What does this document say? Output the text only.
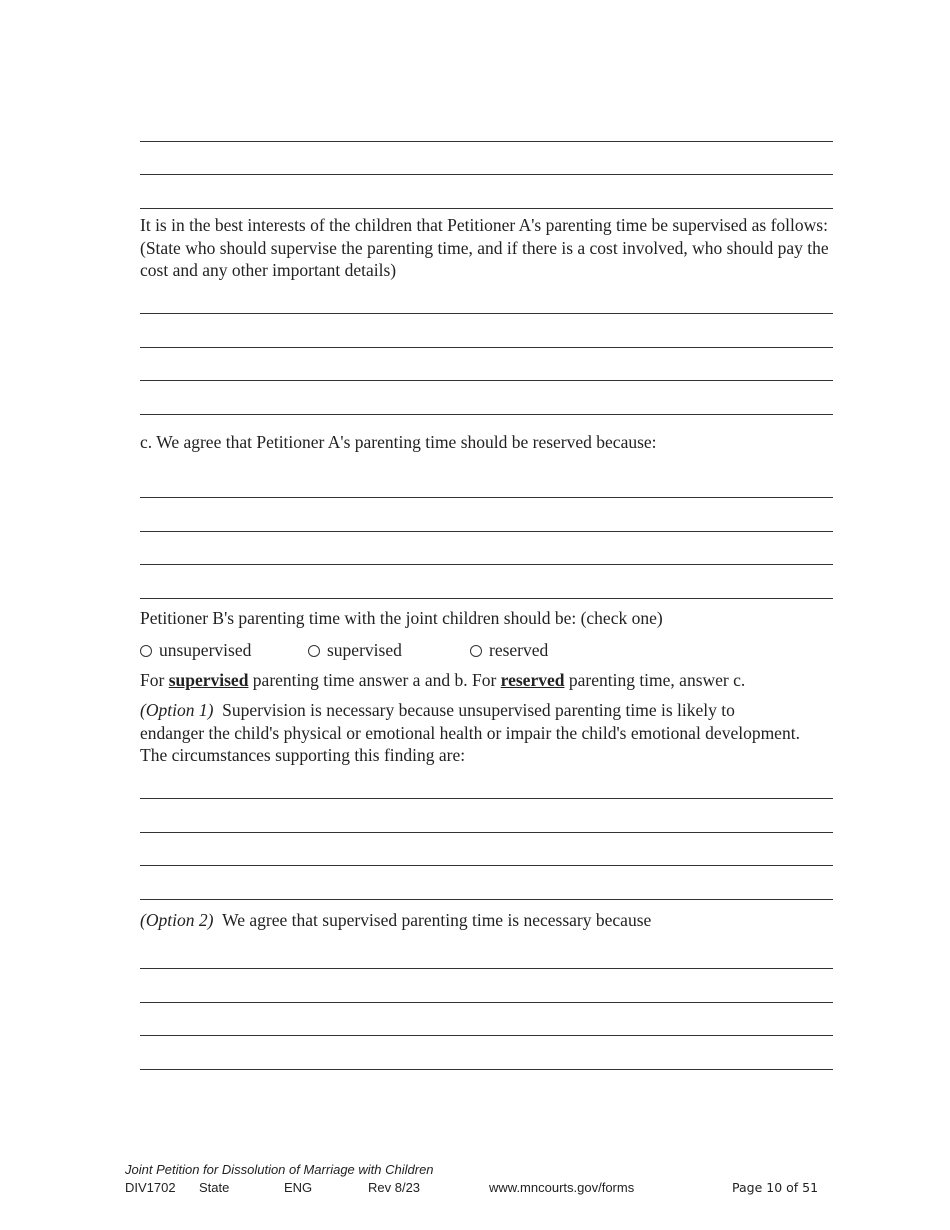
It is in the best interests of the children that Petitioner A's parenting time be supervised as follows: (State who should supervise the parenting time, and if there is a cost involved, who should pay the cost and any other important details)
c. We agree that Petitioner A's parenting time should be reserved because:
Petitioner B's parenting time with the joint children should be: (check one)
unsupervised	supervised	reserved
For supervised parenting time answer a and b. For reserved parenting time, answer c.
(Option 1) Supervision is necessary because unsupervised parenting time is likely to endanger the child's physical or emotional health or impair the child's emotional development. The circumstances supporting this finding are:
(Option 2) We agree that supervised parenting time is necessary because
Joint Petition for Dissolution of Marriage with Children
DIV1702 State	ENG	Rev 8/23	www.mncourts.gov/forms	Page 10 of 51
